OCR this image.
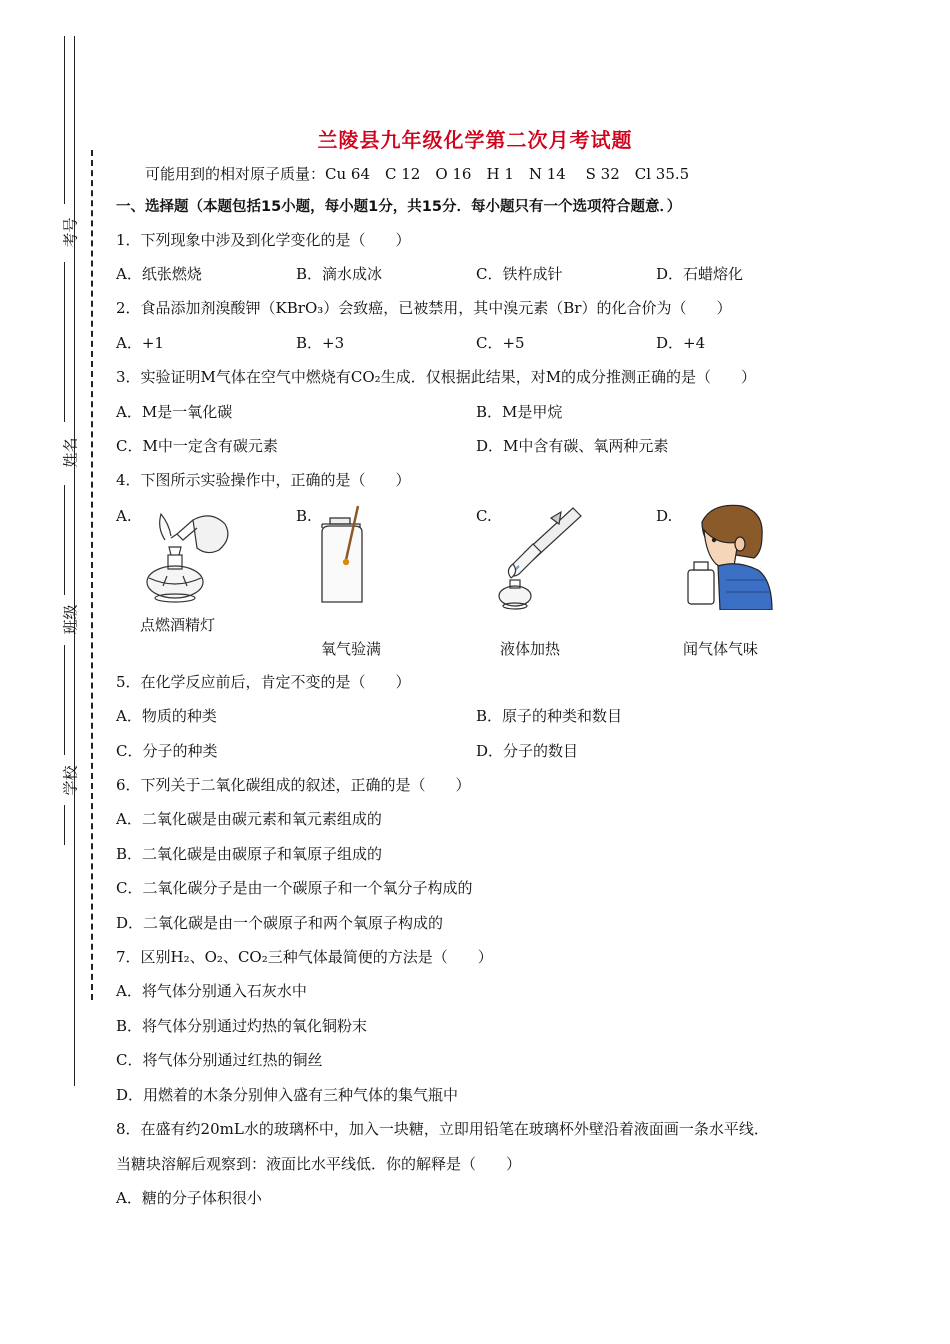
考号
姓名
班级
学校
兰陵县九年级化学第二次月考试题
可能用到的相对原子质量：Cu 64　C 12　O 16　H 1　N 14　 S 32　Cl 35.5
一、选择题（本题包括15小题，每小题1分，共15分．每小题只有一个选项符合题意．）
1．下列现象中涉及到化学变化的是（　　）
A．纸张燃烧	B．滴水成冰	C．铁杵成针	D．石蜡熔化
2．食品添加剂溴酸钾（KBrO₃）会致癌，已被禁用，其中溴元素（Br）的化合价为（　　）
A．+1	B．+3	C．+5	D．+4
3．实验证明M气体在空气中燃烧有CO₂生成．仅根据此结果，对M的成分推测正确的是（　　）
A．M是一氧化碳	B．M是甲烷
C．M中一定含有碳元素	D．M中含有碳、氧两种元素
4．下图所示实验操作中，正确的是（　　）
A.	B.	C.	D.
点燃酒精灯
氧气验满	液体加热	闻气体气味
5．在化学反应前后，肯定不变的是（　　）
A．物质的种类	B．原子的种类和数目
C．分子的种类	D．分子的数目
6．下列关于二氧化碳组成的叙述，正确的是（　　）
A．二氧化碳是由碳元素和氧元素组成的
B．二氧化碳是由碳原子和氧原子组成的
C．二氧化碳分子是由一个碳原子和一个氧分子构成的
D．二氧化碳是由一个碳原子和两个氧原子构成的
7．区别H₂、O₂、CO₂三种气体最简便的方法是（　　）
A．将气体分别通入石灰水中
B．将气体分别通过灼热的氧化铜粉末
C．将气体分别通过红热的铜丝
D．用燃着的木条分别伸入盛有三种气体的集气瓶中
8．在盛有约20mL水的玻璃杯中，加入一块糖，立即用铅笔在玻璃杯外壁沿着液面画一条水平线．
当糖块溶解后观察到：液面比水平线低．你的解释是（　　）
A．糖的分子体积很小
